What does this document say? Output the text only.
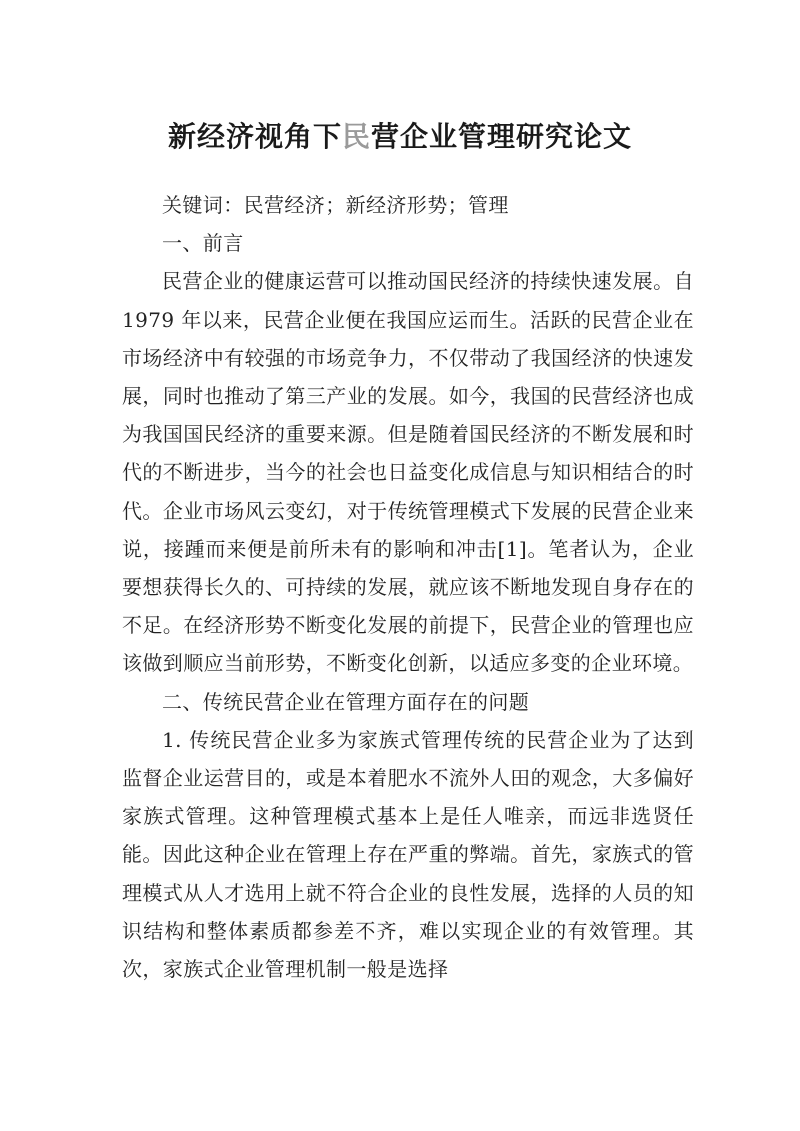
新经济视角下民营企业管理研究论文

关键词：民营经济；新经济形势；管理

一、前言

民营企业的健康运营可以推动国民经济的持续快速发展。自 1979 年以来，民营企业便在我国应运而生。活跃的民营企业在市场经济中有较强的市场竞争力，不仅带动了我国经济的快速发展，同时也推动了第三产业的发展。如今，我国的民营经济也成为我国国民经济的重要来源。但是随着国民经济的不断发展和时代的不断进步，当今的社会也日益变化成信息与知识相结合的时代。企业市场风云变幻，对于传统管理模式下发展的民营企业来说，接踵而来便是前所未有的影响和冲击[1]。笔者认为，企业要想获得长久的、可持续的发展，就应该不断地发现自身存在的不足。在经济形势不断变化发展的前提下，民营企业的管理也应该做到顺应当前形势，不断变化创新，以适应多变的企业环境。

二、传统民营企业在管理方面存在的问题

1. 传统民营企业多为家族式管理传统的民营企业为了达到监督企业运营目的，或是本着肥水不流外人田的观念，大多偏好家族式管理。这种管理模式基本上是任人唯亲，而远非选贤任能。因此这种企业在管理上存在严重的弊端。首先，家族式的管理模式从人才选用上就不符合企业的良性发展，选择的人员的知识结构和整体素质都参差不齐，难以实现企业的有效管理。其次，家族式企业管理机制一般是选择
